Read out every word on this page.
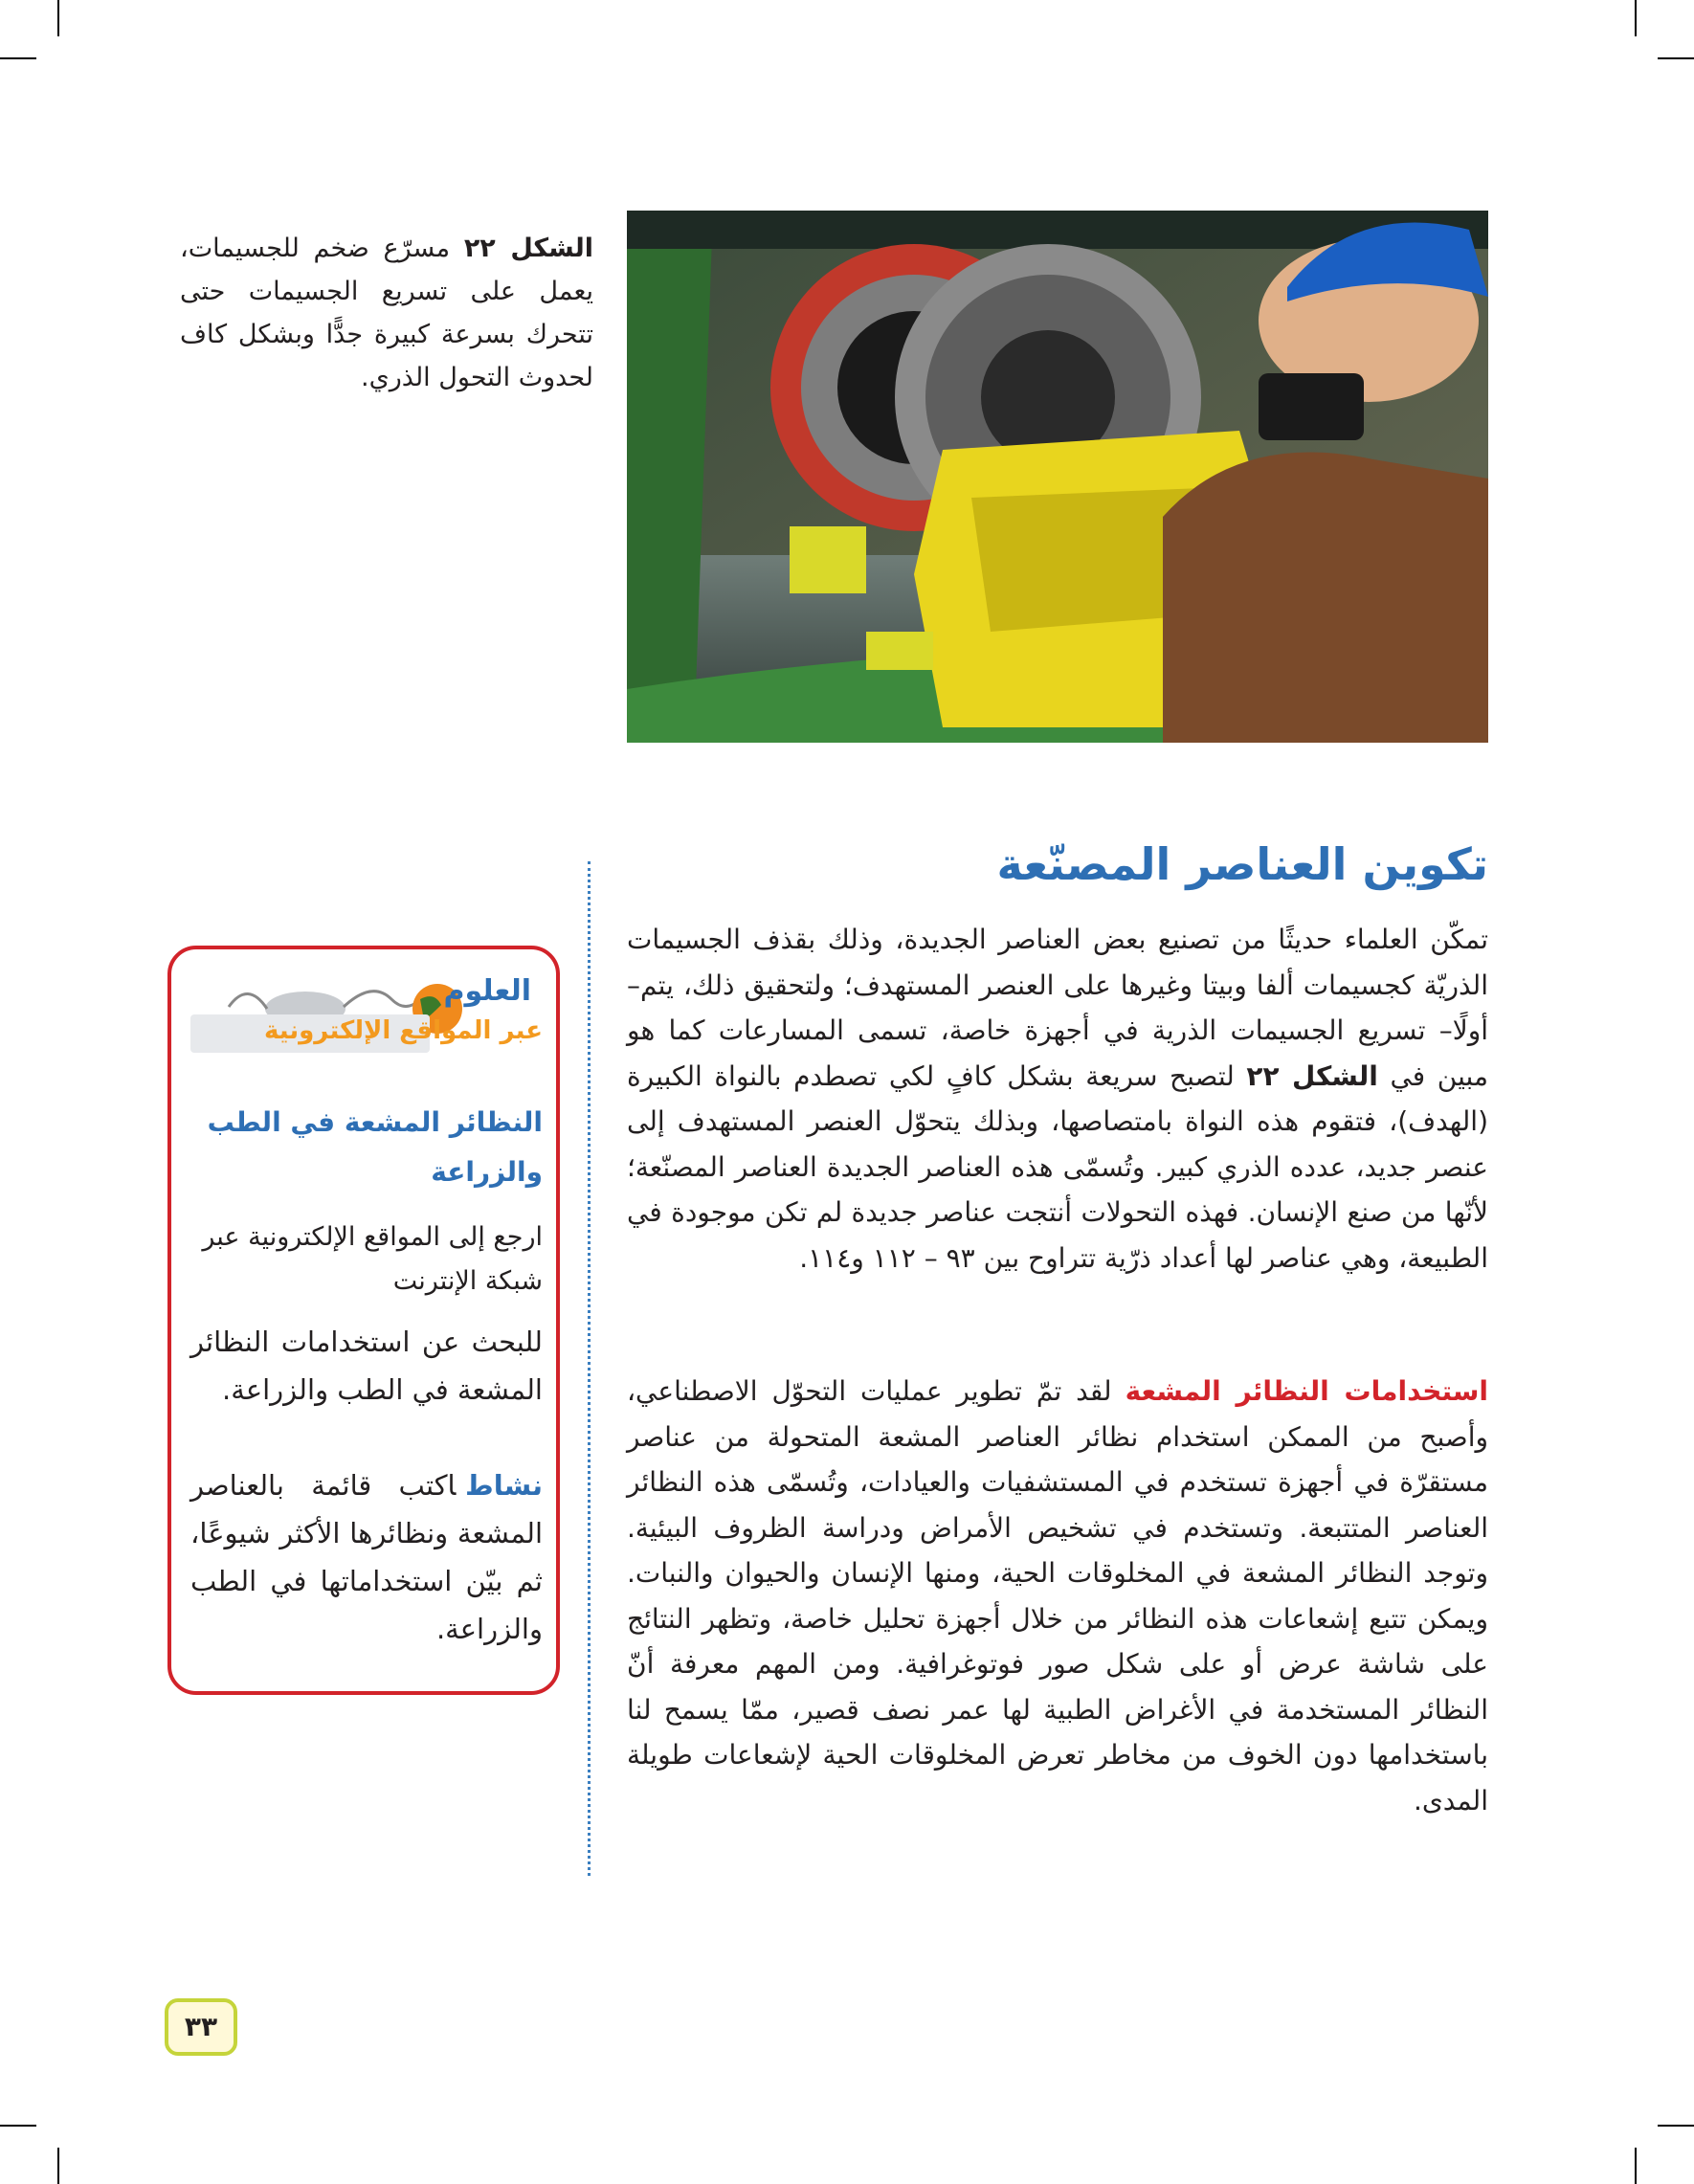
الشكل ٢٢ مسرّع ضخم للجسيمات، يعمل على تسريع الجسيمات حتى تتحرك بسرعة كبيرة جدًّا وبشكل كاف لحدوث التحول الذري.

تكوين العناصر المصنّعة

تمكّن العلماء حديثًا من تصنيع بعض العناصر الجديدة، وذلك بقذف الجسيمات الذريّة كجسيمات ألفا وبيتا وغيرها على العنصر المستهدف؛ ولتحقيق ذلك، يتم– أولًا– تسريع الجسيمات الذرية في أجهزة خاصة، تسمى المسارعات كما هو مبين في الشكل ٢٢ لتصبح سريعة بشكل كافٍ لكي تصطدم بالنواة الكبيرة (الهدف)، فتقوم هذه النواة بامتصاصها، وبذلك يتحوّل العنصر المستهدف إلى عنصر جديد، عدده الذري كبير. وتُسمّى هذه العناصر الجديدة العناصر المصنّعة؛ لأنّها من صنع الإنسان. فهذه التحولات أنتجت عناصر جديدة لم تكن موجودة في الطبيعة، وهي عناصر لها أعداد ذرّية تتراوح بين ٩٣ – ١١٢ و١١٤.

استخدامات النظائر المشعةلقد تمّ تطوير عمليات التحوّل الاصطناعي، وأصبح من الممكن استخدام نظائر العناصر المشعة المتحولة من عناصر مستقرّة في أجهزة تستخدم في المستشفيات والعيادات، وتُسمّى هذه النظائر العناصر المتتبعة. وتستخدم في تشخيص الأمراض ودراسة الظروف البيئية. وتوجد النظائر المشعة في المخلوقات الحية، ومنها الإنسان والحيوان والنبات. ويمكن تتبع إشعاعات هذه النظائر من خلال أجهزة تحليل خاصة، وتظهر النتائج على شاشة عرض أو على شكل صور فوتوغرافية. ومن المهم معرفة أنّ النظائر المستخدمة في الأغراض الطبية لها عمر نصف قصير، ممّا يسمح لنا باستخدامها دون الخوف من مخاطر تعرض المخلوقات الحية لإشعاعات طويلة المدى.

العلوم
عبر المواقع الإلكترونية
النظائر المشعة في الطب والزراعة

ارجع إلى المواقع الإلكترونية عبر شبكة الإنترنت

للبحث عن استخدامات النظائر المشعة في الطب والزراعة.

نشاطاكتب قائمة بالعناصر المشعة ونظائرها الأكثر شيوعًا، ثم بيّن استخداماتها في الطب والزراعة.

٣٣
